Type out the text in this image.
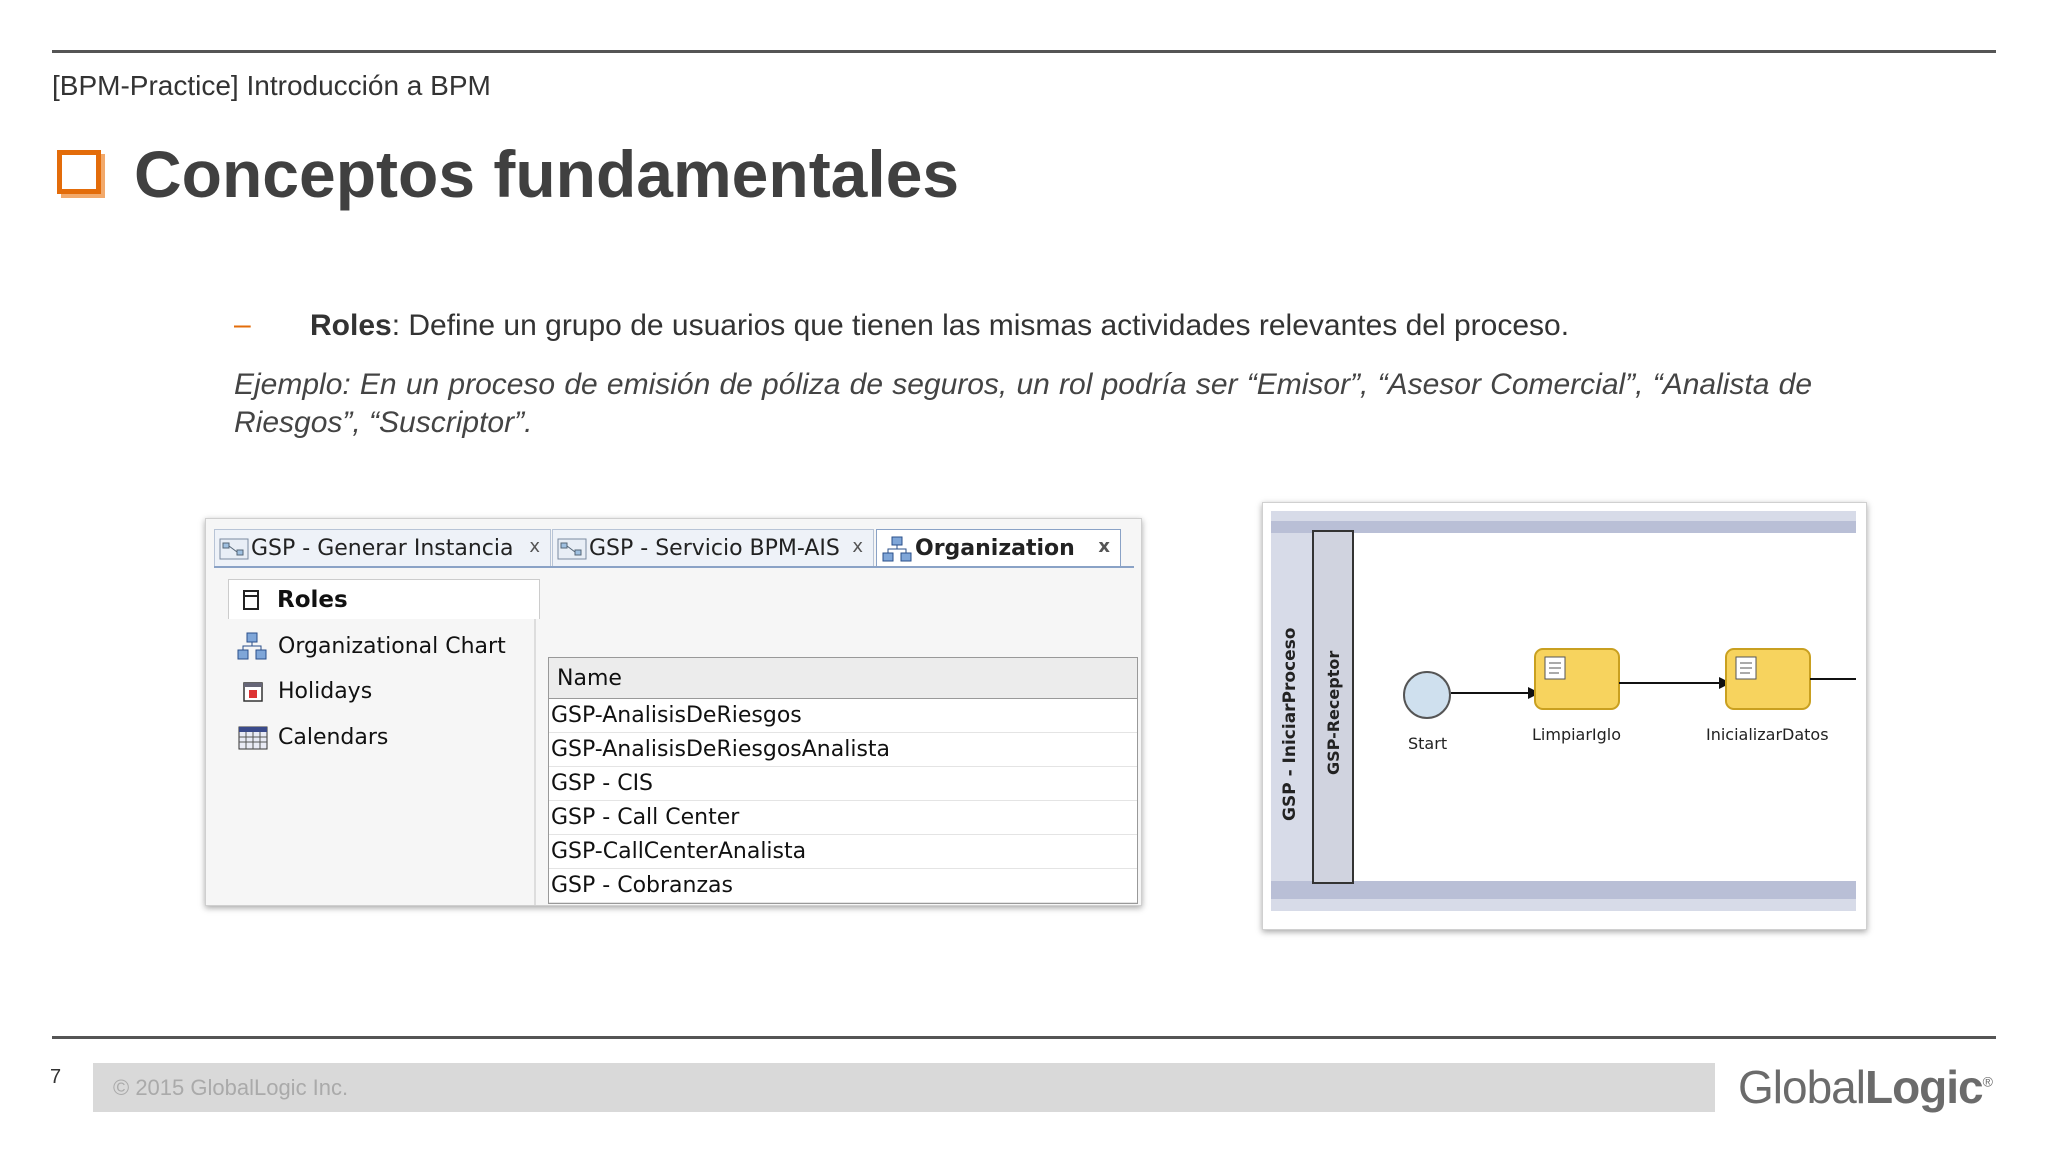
[BPM-Practice] Introducción a BPM
Conceptos fundamentales
– Roles: Define un grupo de usuarios que tienen las mismas actividades relevantes del proceso.
Ejemplo: En un proceso de emisión de póliza de seguros, un rol podría ser “Emisor”, “Asesor Comercial”, “Analista de Riesgos”, “Suscriptor”.
GSP - Generar Instancia x GSP - Servicio BPM-AIS x Organization x
Roles
Organizational Chart
Holidays
Calendars
Name
GSP-AnalisisDeRiesgos
GSP-AnalisisDeRiesgosAnalista
GSP - CIS
GSP - Call Center
GSP-CallCenterAnalista
GSP - Cobranzas
GSP - IniciarProceso GSP-Receptor	Start	LimpiarIglo	InicializarDatos
7 © 2015 GlobalLogic Inc.	GlobalLogic®
